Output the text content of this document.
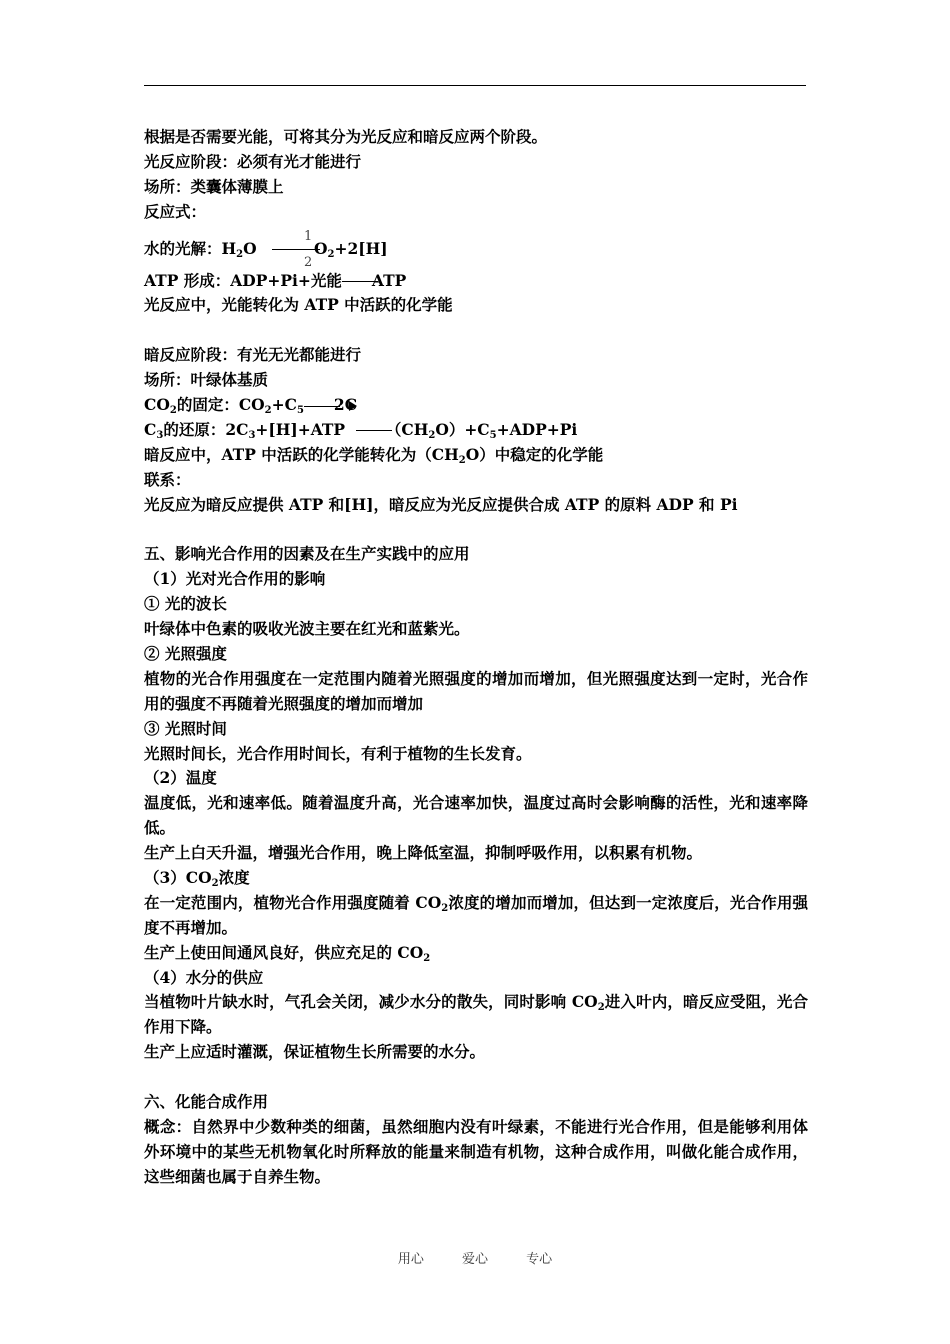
根据是否需要光能，可将其分为光反应和暗反应两个阶段。
光反应阶段：必须有光才能进行
场所：类囊体薄膜上
反应式：
水的光解：$H_2O$
1
2
$O_2+2[H]$
ATP 形成：ADP+Pi+光能 ATP
光反应中，光能转化为 ATP 中活跃的化学能
暗反应阶段：有光无光都能进行
场所：叶绿体基质
$CO_2$的固定：$CO_2+C_5$ 2C
$C_3$的还原：$2C_3+[H]+ATP$	$(CH_2O)+C_5+ADP+Pi$
暗反应中，ATP 中活跃的化学能转化为$(CH_2O)$中稳定的化学能
联系：
光反应为暗反应提供 ATP 和[H]，暗反应为光反应提供合成 ATP 的原料 ADP 和 Pi
五、影响光合作用的因素及在生产实践中的应用
（1）光对光合作用的影响
① 光的波长
叶绿体中色素的吸收光波主要在红光和蓝紫光。
② 光照强度
植物的光合作用强度在一定范围内随着光照强度的增加而增加，但光照强度达到一定时，光合作用的强度不再随着光照强度的增加而增加
③ 光照时间
光照时间长，光合作用时间长，有利于植物的生长发育。
（2）温度
温度低，光和速率低。随着温度升高，光合速率加快，温度过高时会影响酶的活性，光和速率降低。
生产上白天升温，增强光合作用，晚上降低室温，抑制呼吸作用，以积累有机物。
$(3)CO_2$浓度
在一定范围内，植物光合作用强度随着 $CO_2$浓度的增加而增加，但达到一定浓度后，光合作用强度不再增加。
生产上使田间通风良好，供应充足的 $CO_2$
（4）水分的供应
当植物叶片缺水时，气孔会关闭，减少水分的散失，同时影响 $CO_2$进入叶内，暗反应受阻，光合作用下降。
生产上应适时灌溉，保证植物生长所需要的水分。
六、化能合成作用
概念：自然界中少数种类的细菌，虽然细胞内没有叶绿素，不能进行光合作用，但是能够利用体外环境中的某些无机物氧化时所释放的能量来制造有机物，这种合成作用，叫做化能合成作用，这些细菌也属于自养生物。
用心	爱心	专心
